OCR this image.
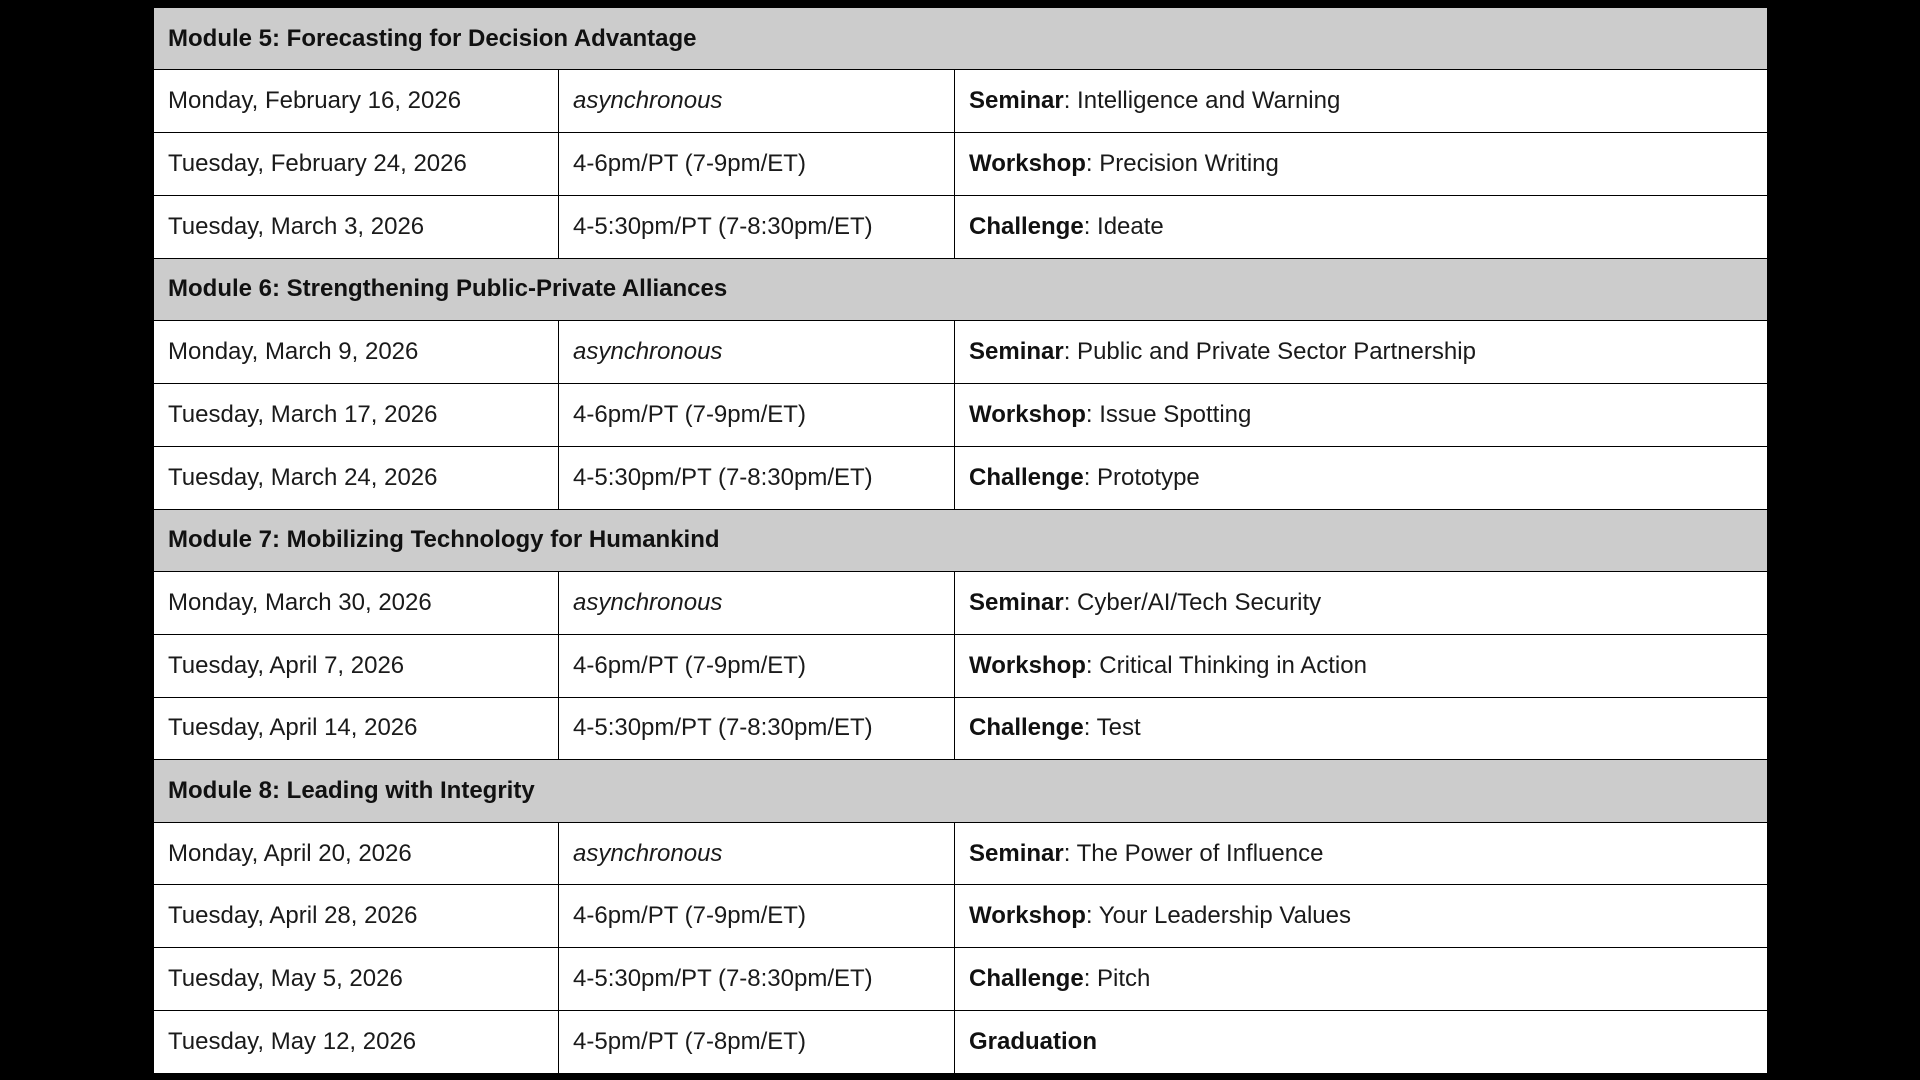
Module 5: Forecasting for Decision Advantage		
Monday, February 16, 2026	asynchronous	Seminar: Intelligence and Warning
Tuesday, February 24, 2026	4-6pm/PT (7-9pm/ET)	Workshop: Precision Writing
Tuesday, March 3, 2026	4-5:30pm/PT (7-8:30pm/ET)	Challenge: Ideate
Module 6: Strengthening Public-Private Alliances		
Monday, March 9, 2026	asynchronous	Seminar: Public and Private Sector Partnership
Tuesday, March 17, 2026	4-6pm/PT (7-9pm/ET)	Workshop: Issue Spotting
Tuesday, March 24, 2026	4-5:30pm/PT (7-8:30pm/ET)	Challenge: Prototype
Module 7: Mobilizing Technology for Humankind		
Monday, March 30, 2026	asynchronous	Seminar: Cyber/AI/Tech Security
Tuesday, April 7, 2026	4-6pm/PT (7-9pm/ET)	Workshop: Critical Thinking in Action
Tuesday, April 14, 2026	4-5:30pm/PT (7-8:30pm/ET)	Challenge: Test
Module 8: Leading with Integrity		
Monday, April 20, 2026	asynchronous	Seminar: The Power of Influence
Tuesday, April 28, 2026	4-6pm/PT (7-9pm/ET)	Workshop: Your Leadership Values
Tuesday, May 5, 2026	4-5:30pm/PT (7-8:30pm/ET)	Challenge: Pitch
Tuesday, May 12, 2026	4-5pm/PT (7-8pm/ET)	Graduation
